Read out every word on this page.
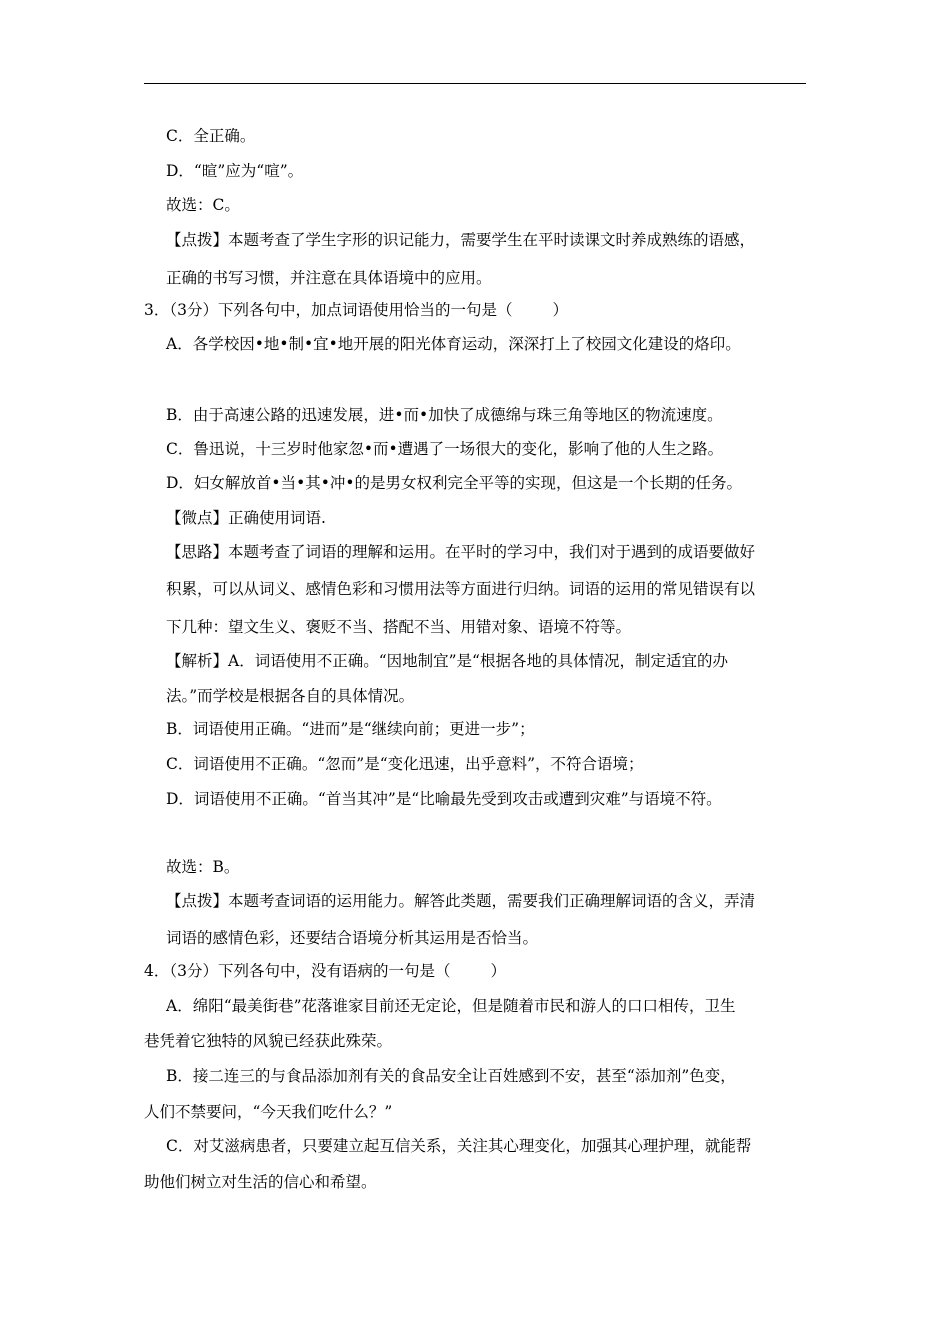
C．全正确。
D．“暄”应为“喧”。
故选：C。
【点拨】本题考查了学生字形的识记能力，需要学生在平时读课文时养成熟练的语感，
正确的书写习惯，并注意在具体语境中的应用。
A．各学校因•地•制•宜•地开展的阳光体育运动，深深打上了校园文化建设的烙印。
B．由于高速公路的迅速发展，进•而•加快了成德绵与珠三角等地区的物流速度。
C．鲁迅说，十三岁时他家忽•而•遭遇了一场很大的变化，影响了他的人生之路。
D．妇女解放首•当•其•冲•的是男女权利完全平等的实现，但这是一个长期的任务。
【微点】正确使用词语.
【思路】本题考查了词语的理解和运用。在平时的学习中，我们对于遇到的成语要做好
积累，可以从词义、感情色彩和习惯用法等方面进行归纳。词语的运用的常见错误有以
下几种：望文生义、褒贬不当、搭配不当、用错对象、语境不符等。
【解析】A．词语使用不正确。“因地制宜”是“根据各地的具体情况，制定适宜的办
法。”而学校是根据各自的具体情况。
B．词语使用正确。“进而”是“继续向前；更进一步”；
C．词语使用不正确。“忽而”是“变化迅速，出乎意料”，不符合语境；
D．词语使用不正确。“首当其冲”是“比喻最先受到攻击或遭到灾难”与语境不符。
故选：B。
【点拨】本题考查词语的运用能力。解答此类题，需要我们正确理解词语的含义，弄清
词语的感情色彩，还要结合语境分析其运用是否恰当。
A．绵阳“最美街巷”花落谁家目前还无定论，但是随着市民和游人的口口相传，卫生
巷凭着它独特的风貌已经获此殊荣。
B．接二连三的与食品添加剂有关的食品安全让百姓感到不安，甚至“添加剂”色变，
人们不禁要问，“今天我们吃什么？”
C．对艾滋病患者，只要建立起互信关系，关注其心理变化，加强其心理护理，就能帮
助他们树立对生活的信心和希望。
3．（3分）下列各句中，加点词语使用恰当的一句是（	）
4．（3分）下列各句中，没有语病的一句是（	）
